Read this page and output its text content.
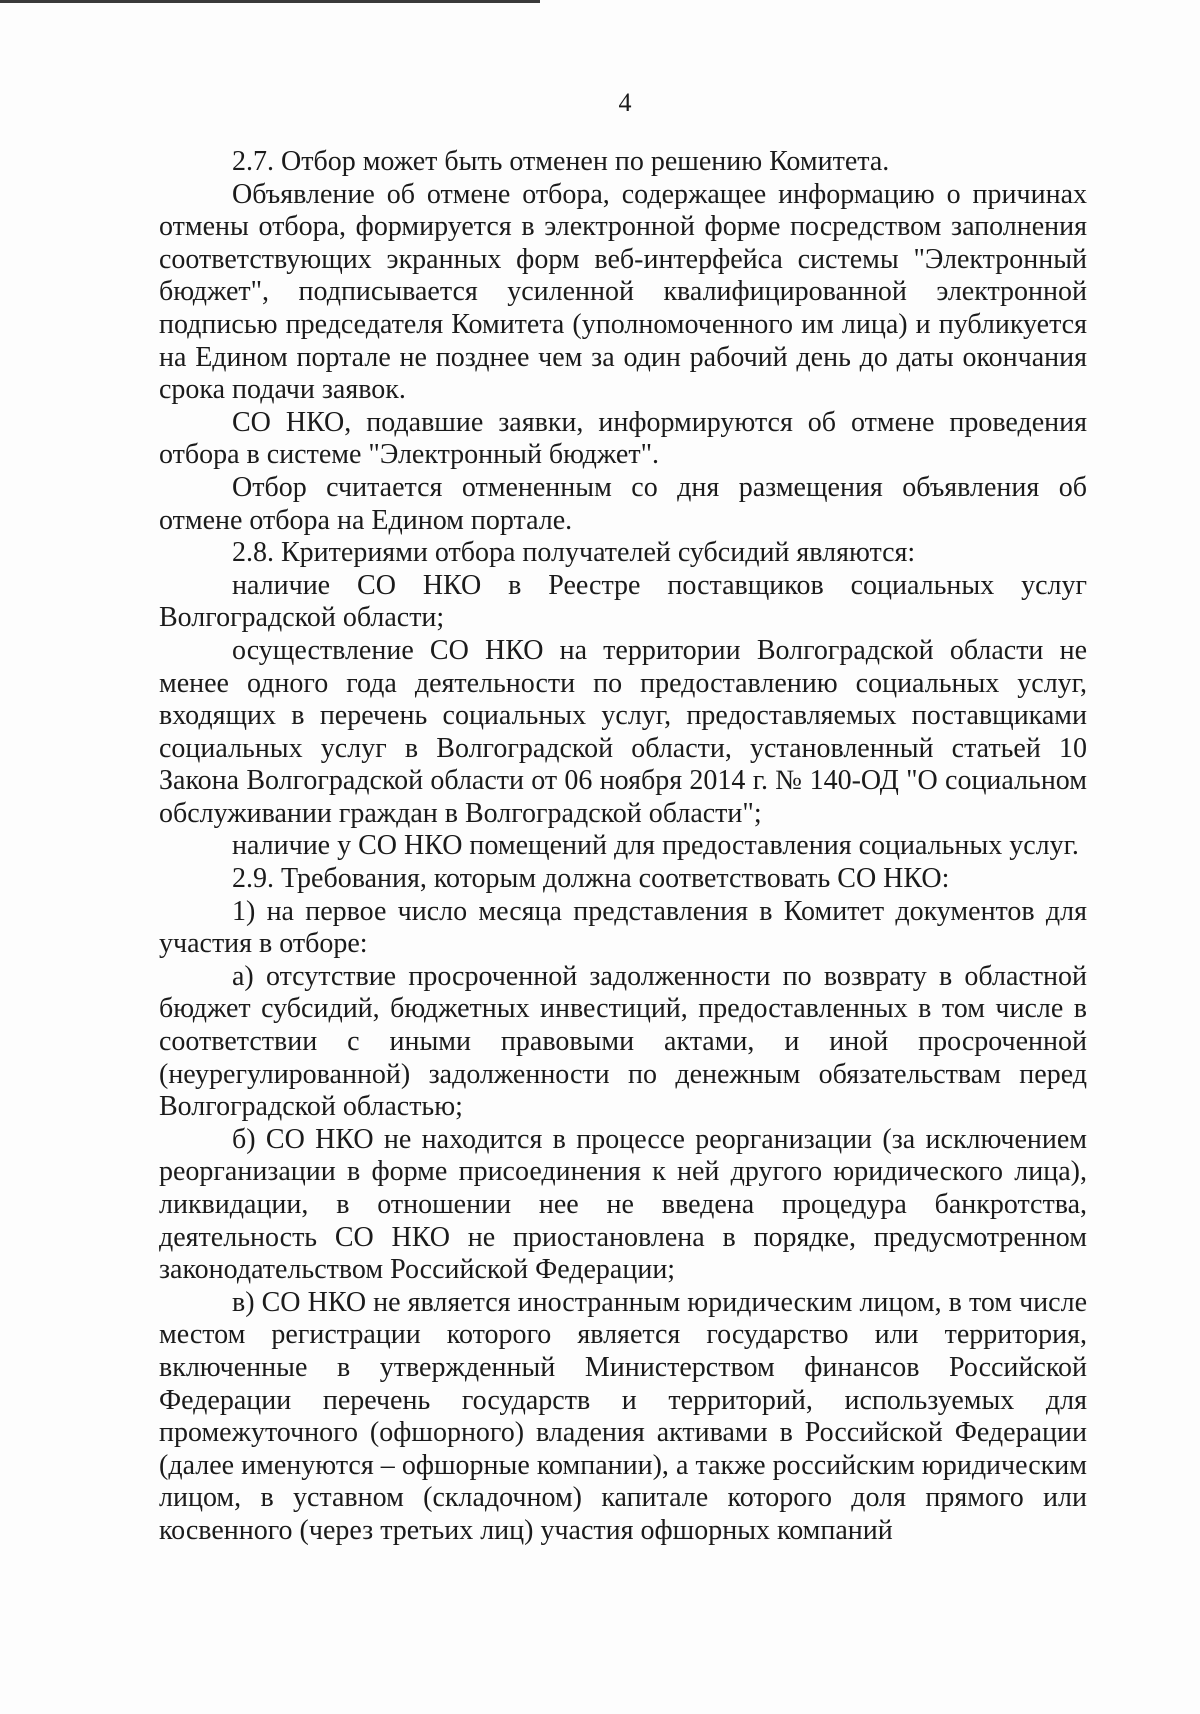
4

2.7. Отбор может быть отменен по решению Комитета.

Объявление об отмене отбора, содержащее информацию о причинах отмены отбора, формируется в электронной форме посредством заполнения соответствующих экранных форм веб-интерфейса системы "Электронный бюджет", подписывается усиленной квалифицированной электронной подписью председателя Комитета (уполномоченного им лица) и публикуется на Едином портале не позднее чем за один рабочий день до даты окончания срока подачи заявок.

СО НКО, подавшие заявки, информируются об отмене проведения отбора в системе "Электронный бюджет".

Отбор считается отмененным со дня размещения объявления об отмене отбора на Едином портале.

2.8. Критериями отбора получателей субсидий являются:

наличие СО НКО в Реестре поставщиков социальных услуг Волгоградской области;

осуществление СО НКО на территории Волгоградской области не менее одного года деятельности по предоставлению социальных услуг, входящих в перечень социальных услуг, предоставляемых поставщиками социальных услуг в Волгоградской области, установленный статьей 10 Закона Волгоградской области от 06 ноября 2014 г. № 140-ОД "О социальном обслуживании граждан в Волгоградской области";

наличие у СО НКО помещений для предоставления социальных услуг.

2.9. Требования, которым должна соответствовать СО НКО:

1) на первое число месяца представления в Комитет документов для участия в отборе:

а) отсутствие просроченной задолженности по возврату в областной бюджет субсидий, бюджетных инвестиций, предоставленных в том числе в соответствии с иными правовыми актами, и иной просроченной (неурегулированной) задолженности по денежным обязательствам перед Волгоградской областью;

б) СО НКО не находится в процессе реорганизации (за исключением реорганизации в форме присоединения к ней другого юридического лица), ликвидации, в отношении нее не введена процедура банкротства, деятельность СО НКО не приостановлена в порядке, предусмотренном законодательством Российской Федерации;

в) СО НКО не является иностранным юридическим лицом, в том числе местом регистрации которого является государство или территория, включенные в утвержденный Министерством финансов Российской Федерации перечень государств и территорий, используемых для промежуточного (офшорного) владения активами в Российской Федерации (далее именуются – офшорные компании), а также российским юридическим лицом, в уставном (складочном) капитале которого доля прямого или косвенного (через третьих лиц) участия офшорных компаний
